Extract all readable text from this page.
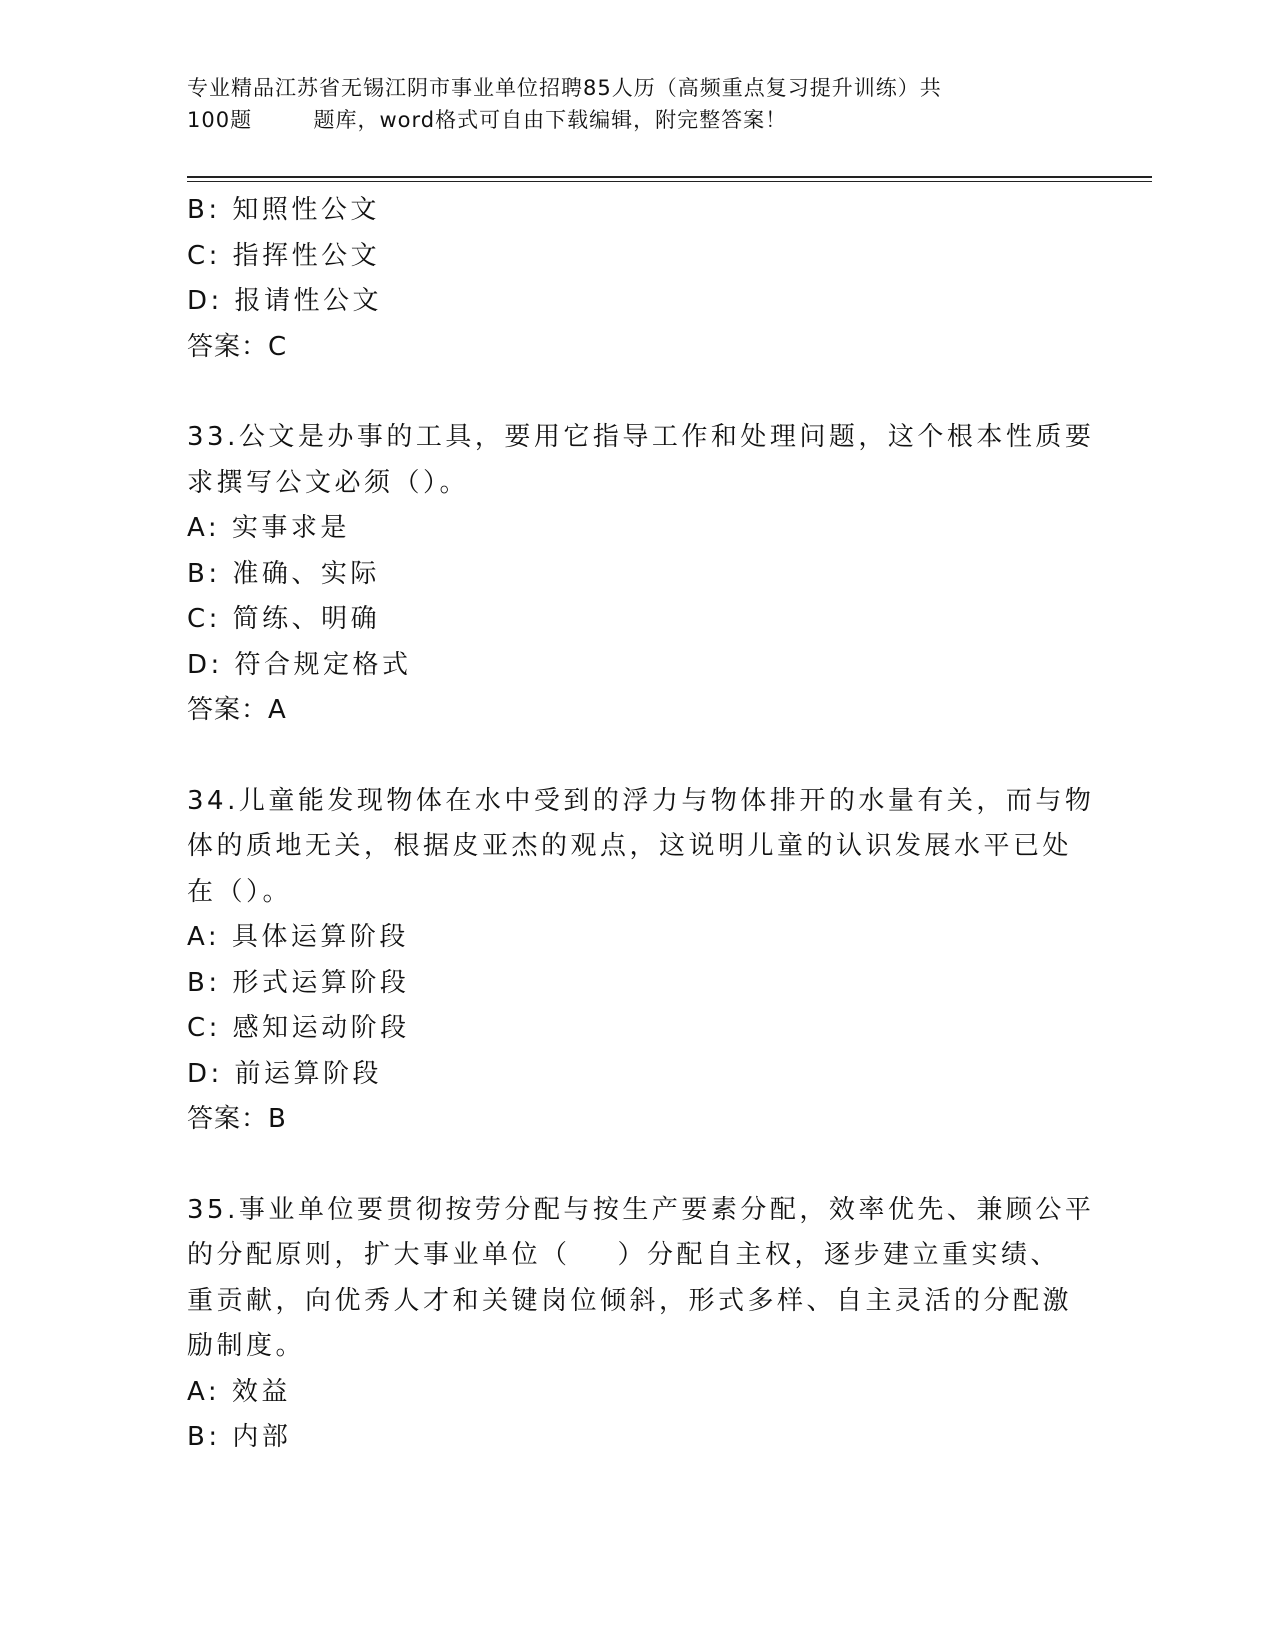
专业精品江苏省无锡江阴市事业单位招聘85人历（高频重点复习提升训练）共
100题        题库，word格式可自由下载编辑，附完整答案！
B: 知照性公文
C: 指挥性公文
D: 报请性公文
答案：C
33.公文是办事的工具，要用它指导工作和处理问题，这个根本性质要
求撰写公文必须（）。
A: 实事求是
B: 准确、实际
C: 简练、明确
D: 符合规定格式
答案：A
34.儿童能发现物体在水中受到的浮力与物体排开的水量有关，而与物
体的质地无关，根据皮亚杰的观点，这说明儿童的认识发展水平已处
在（）。
A: 具体运算阶段
B: 形式运算阶段
C: 感知运动阶段
D: 前运算阶段
答案：B
35.事业单位要贯彻按劳分配与按生产要素分配，效率优先、兼顾公平
的分配原则，扩大事业单位（    ）分配自主权，逐步建立重实绩、
重贡献，向优秀人才和关键岗位倾斜，形式多样、自主灵活的分配激
励制度。
A: 效益
B: 内部
